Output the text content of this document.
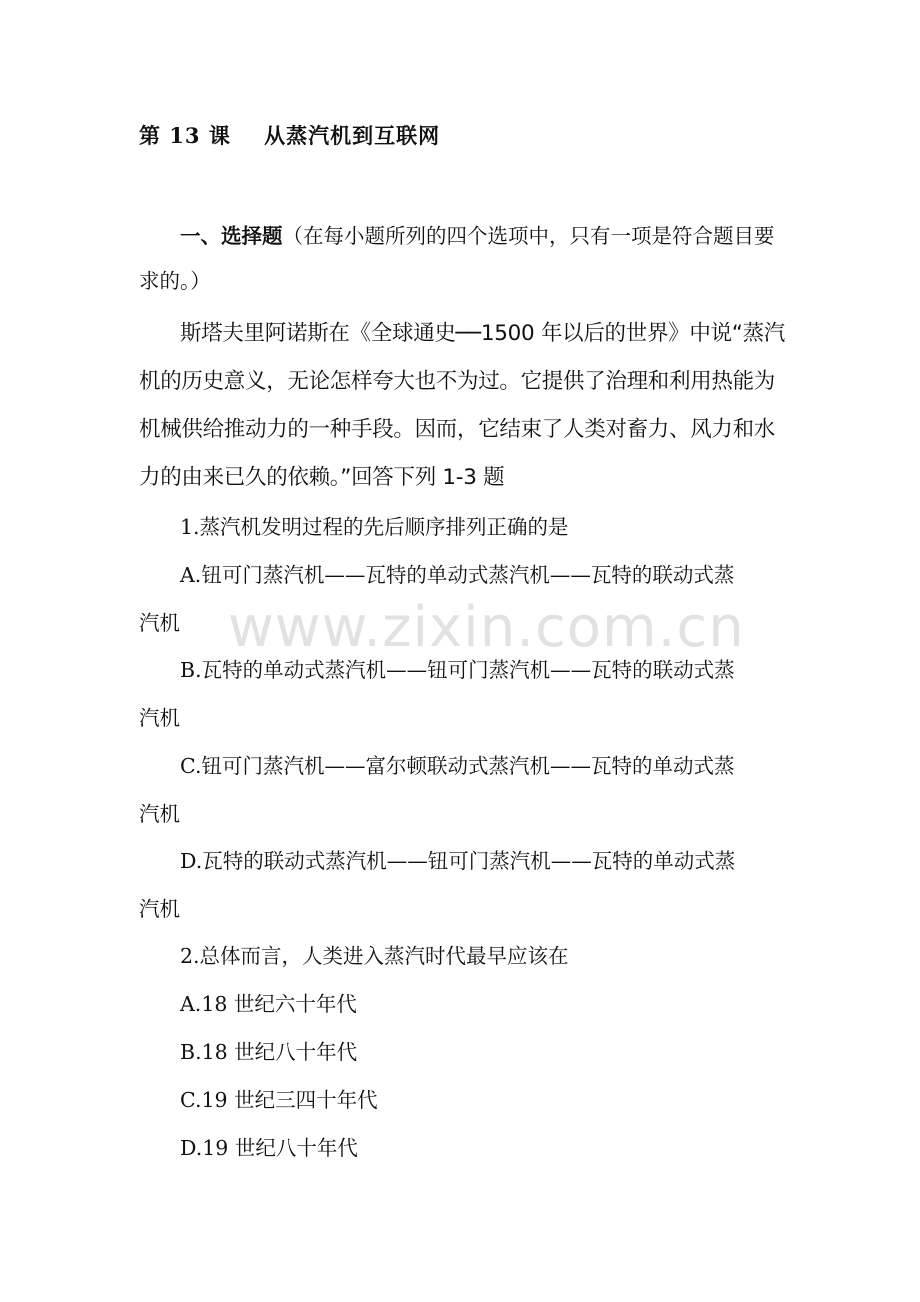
第 13 课    从蒸汽机到互联网
一、选择题（在每小题所列的四个选项中，只有一项是符合题目要求的。）
斯塔夫里阿诺斯在《全球通史──1500 年以后的世界》中说“蒸汽机的历史意义，无论怎样夸大也不为过。它提供了治理和利用热能为机械供给推动力的一种手段。因而，它结束了人类对畜力、风力和水力的由来已久的依赖。”回答下列 1-3 题
1.蒸汽机发明过程的先后顺序排列正确的是
A.钮可门蒸汽机——瓦特的单动式蒸汽机——瓦特的联动式蒸
汽机
B.瓦特的单动式蒸汽机——钮可门蒸汽机——瓦特的联动式蒸
汽机
C.钮可门蒸汽机——富尔顿联动式蒸汽机——瓦特的单动式蒸
汽机
D.瓦特的联动式蒸汽机——钮可门蒸汽机——瓦特的单动式蒸
汽机
2.总体而言，人类进入蒸汽时代最早应该在
A.18 世纪六十年代
B.18 世纪八十年代
C.19 世纪三四十年代
D.19 世纪八十年代
www.zixin.com.cn
